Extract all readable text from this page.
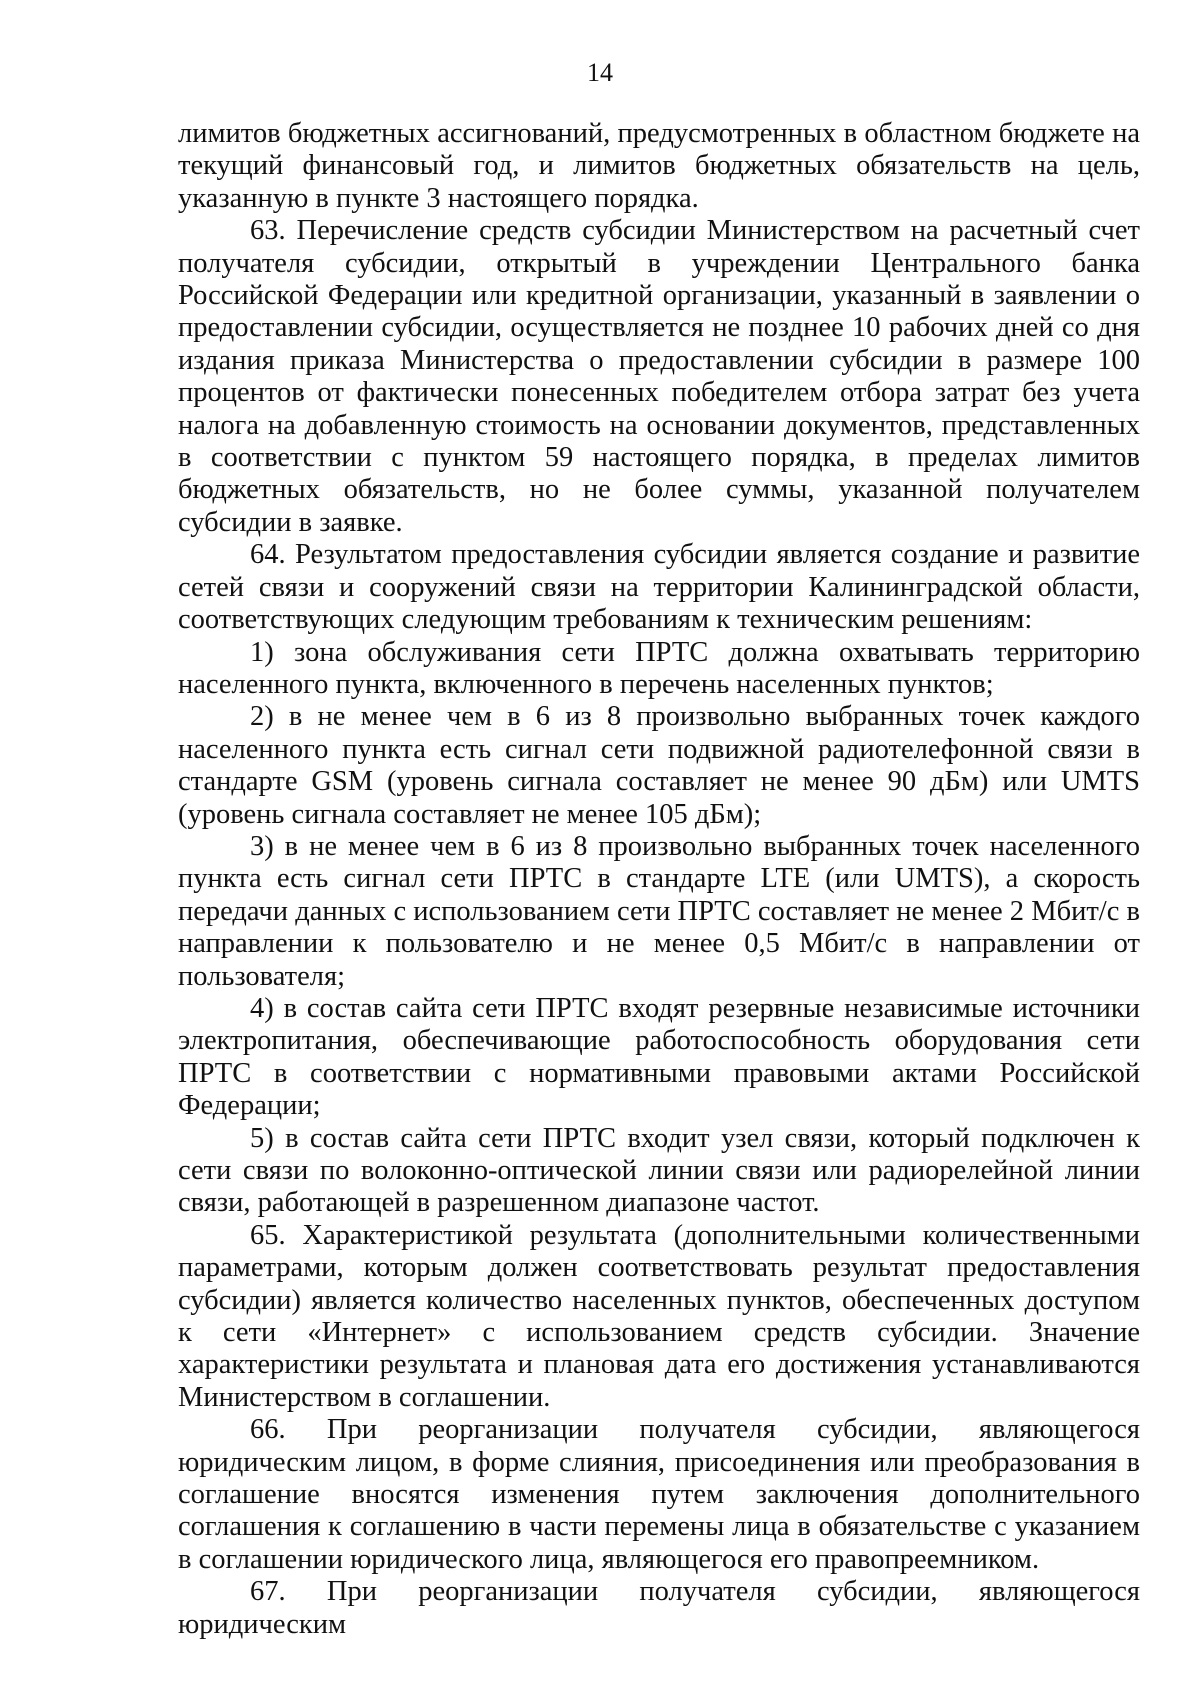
14

лимитов бюджетных ассигнований, предусмотренных в областном бюджете на текущий финансовый год, и лимитов бюджетных обязательств на цель, указанную в пункте 3 настоящего порядка.

63. Перечисление средств субсидии Министерством на расчетный счет получателя субсидии, открытый в учреждении Центрального банка Российской Федерации или кредитной организации, указанный в заявлении о предоставлении субсидии, осуществляется не позднее 10 рабочих дней со дня издания приказа Министерства о предоставлении субсидии в размере 100 процентов от фактически понесенных победителем отбора затрат без учета налога на добавленную стоимость на основании документов, представленных в соответствии с пунктом 59 настоящего порядка, в пределах лимитов бюджетных обязательств, но не более суммы, указанной получателем субсидии в заявке.

64. Результатом предоставления субсидии является создание и развитие сетей связи и сооружений связи на территории Калининградской области, соответствующих следующим требованиям к техническим решениям:

1) зона обслуживания сети ПРТС должна охватывать территорию населенного пункта, включенного в перечень населенных пунктов;

2) в не менее чем в 6 из 8 произвольно выбранных точек каждого населенного пункта есть сигнал сети подвижной радиотелефонной связи в стандарте GSM (уровень сигнала составляет не менее 90 дБм) или UMTS (уровень сигнала составляет не менее 105 дБм);

3) в не менее чем в 6 из 8 произвольно выбранных точек населенного пункта есть сигнал сети ПРТС в стандарте LTE (или UMTS), а скорость передачи данных с использованием сети ПРТС составляет не менее 2 Мбит/с в направлении к пользователю и не менее 0,5 Мбит/с в направлении от пользователя;

4) в состав сайта сети ПРТС входят резервные независимые источники электропитания, обеспечивающие работоспособность оборудования сети ПРТС в соответствии с нормативными правовыми актами Российской Федерации;

5) в состав сайта сети ПРТС входит узел связи, который подключен к сети связи по волоконно-оптической линии связи или радиорелейной линии связи, работающей в разрешенном диапазоне частот.

65. Характеристикой результата (дополнительными количественными параметрами, которым должен соответствовать результат предоставления субсидии) является количество населенных пунктов, обеспеченных доступом к сети «Интернет» с использованием средств субсидии. Значение характеристики результата и плановая дата его достижения устанавливаются Министерством в соглашении.

66. При реорганизации получателя субсидии, являющегося юридическим лицом, в форме слияния, присоединения или преобразования в соглашение вносятся изменения путем заключения дополнительного соглашения к соглашению в части перемены лица в обязательстве с указанием в соглашении юридического лица, являющегося его правопреемником.

67. При реорганизации получателя субсидии, являющегося юридическим
